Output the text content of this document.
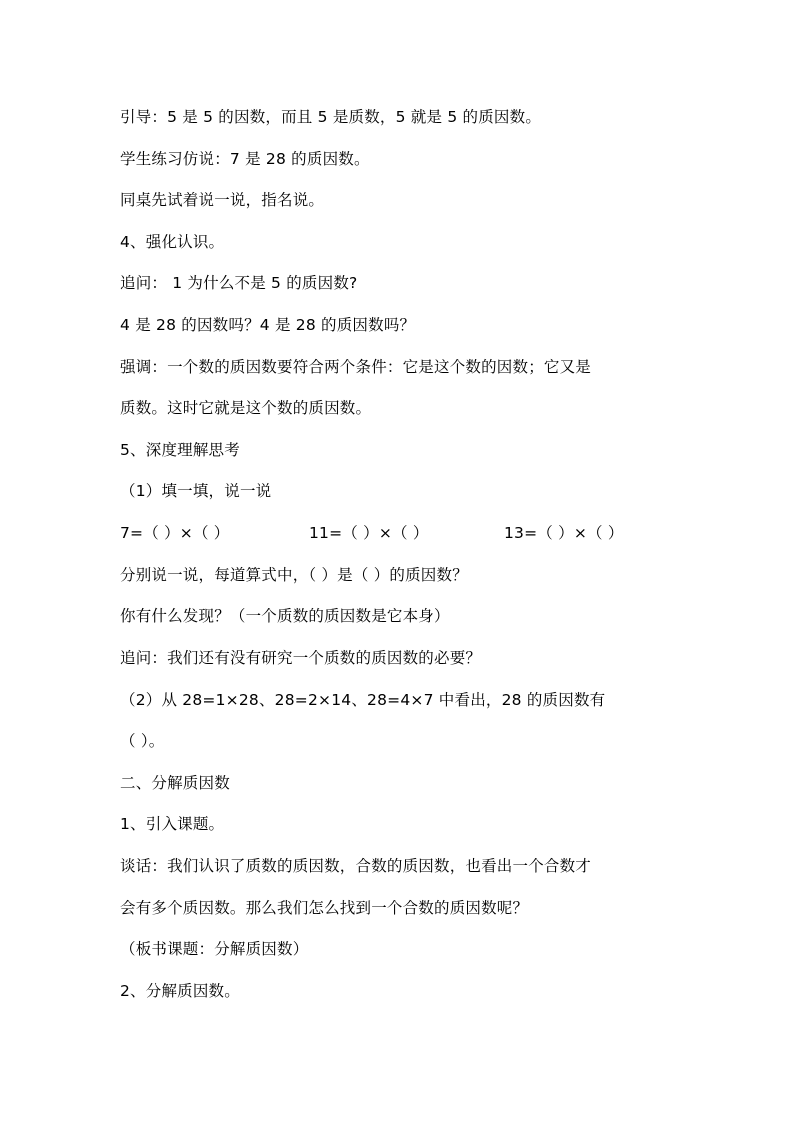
引导：5 是 5 的因数，而且 5 是质数，5 就是 5 的质因数。
学生练习仿说：7 是 28 的质因数。
同桌先试着说一说，指名说。
4、强化认识。
追问： 1 为什么不是 5 的质因数?
4 是 28 的因数吗？4 是 28 的质因数吗？
强调：一个数的质因数要符合两个条件：它是这个数的因数；它又是
质数。这时它就是这个数的质因数。
5、深度理解思考
（1）填一填，说一说
7=（ ）×（ ）	11=（ ）×（ ）	13=（ ）×（ ）
分别说一说，每道算式中，（ ）是（ ）的质因数？
你有什么发现？（一个质数的质因数是它本身）
追问：我们还有没有研究一个质数的质因数的必要？
（2）从 28=1×28、28=2×14、28=4×7 中看出，28 的质因数有
（ ）。
二、分解质因数
1、引入课题。
谈话：我们认识了质数的质因数，合数的质因数，也看出一个合数才
会有多个质因数。那么我们怎么找到一个合数的质因数呢？
（板书课题：分解质因数）
2、分解质因数。
